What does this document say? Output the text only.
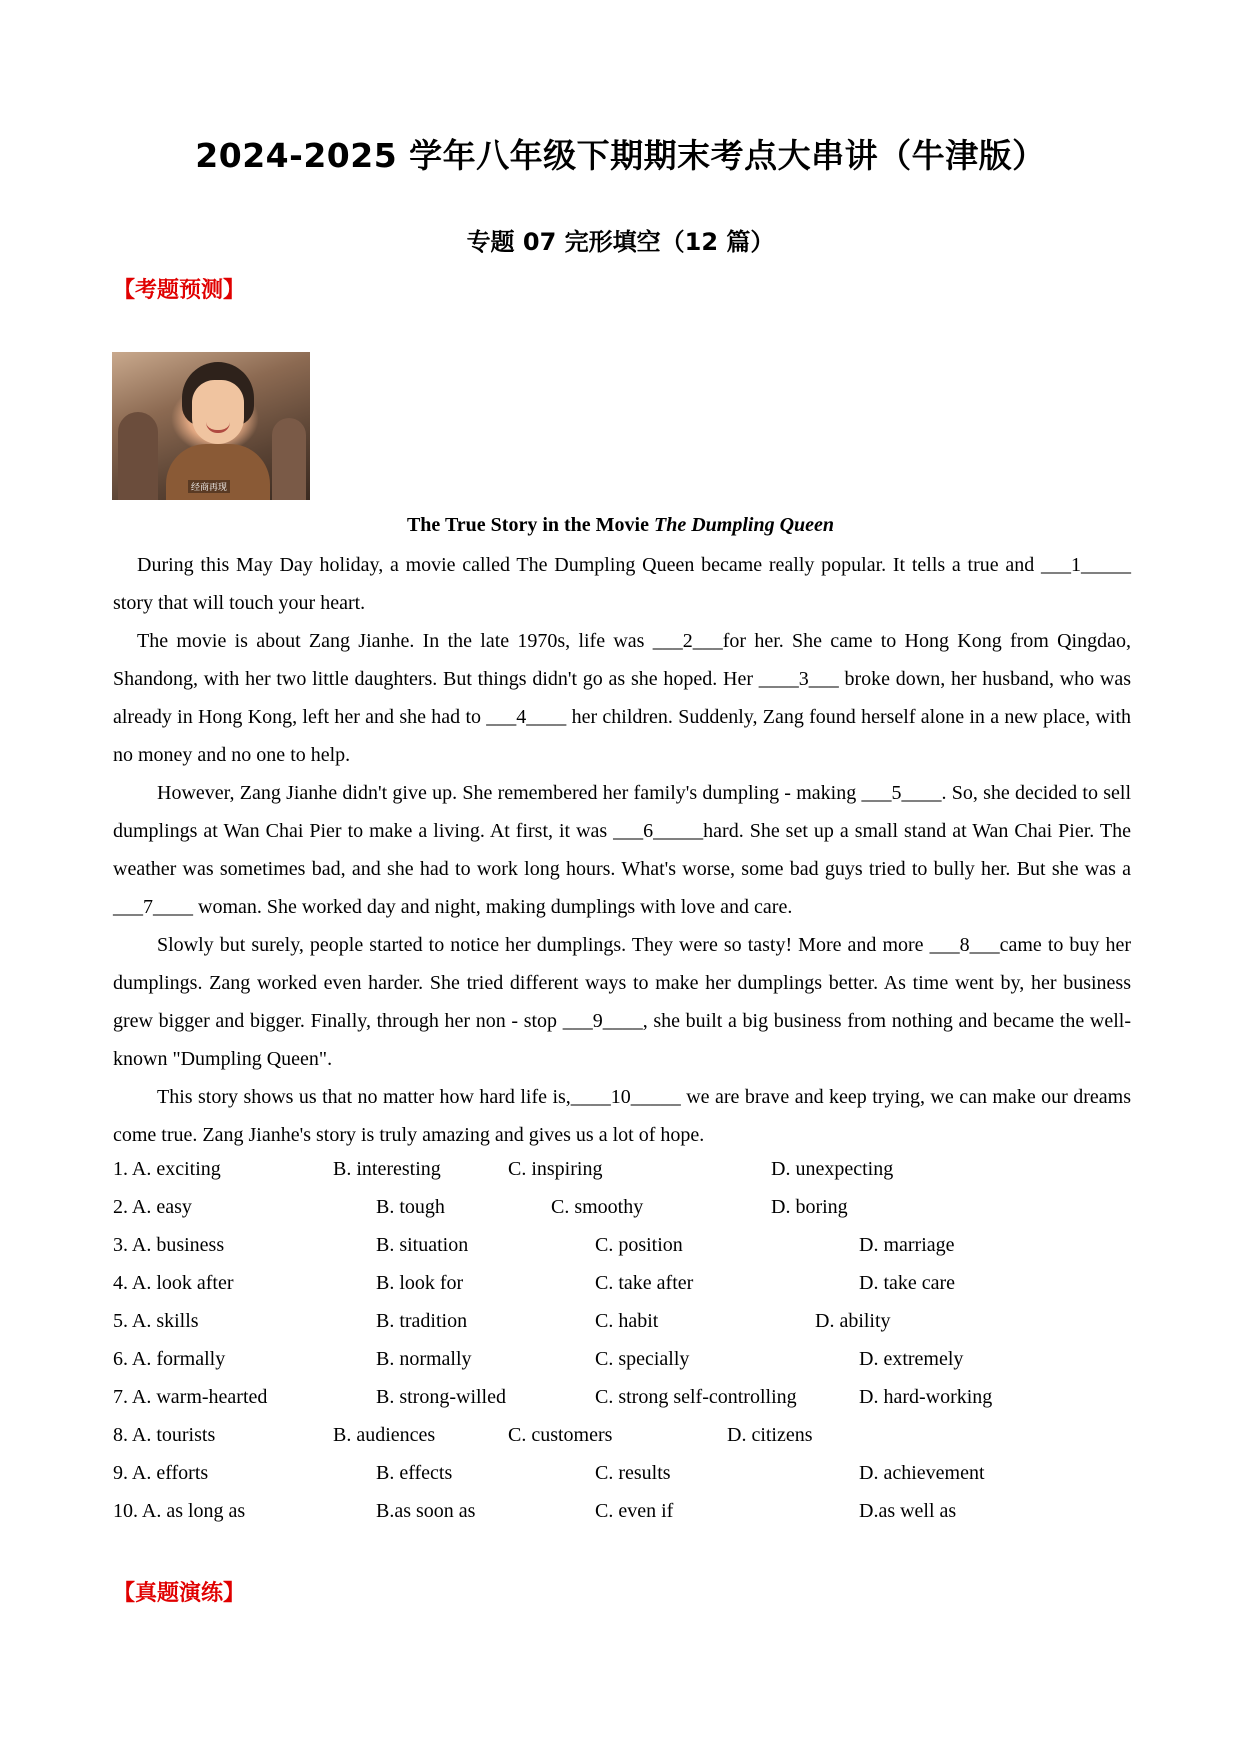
2024-2025 学年八年级下期期末考点大串讲（牛津版）
专题 07 完形填空（12 篇）
【考题预测】
经商再现
The True Story in the Movie The Dumpling Queen

During this May Day holiday, a movie called The Dumpling Queen became really popular. It tells a true and ___1_____ story that will touch your heart.

The movie is about Zang Jianhe. In the late 1970s, life was ___2___for her. She came to Hong Kong from Qingdao, Shandong, with her two little daughters. But things didn't go as she hoped. Her ____3___ broke down, her husband, who was already in Hong Kong, left her and she had to ___4____ her children. Suddenly, Zang found herself alone in a new place, with no money and no one to help.

However, Zang Jianhe didn't give up. She remembered her family's dumpling - making ___5____. So, she decided to sell dumplings at Wan Chai Pier to make a living. At first, it was ___6_____hard. She set up a small stand at Wan Chai Pier. The weather was sometimes bad, and she had to work long hours. What's worse, some bad guys tried to bully her. But she was a ___7____ woman. She worked day and night, making dumplings with love and care.

Slowly but surely, people started to notice her dumplings. They were so tasty! More and more ___8___came to buy her dumplings. Zang worked even harder. She tried different ways to make her dumplings better. As time went by, her business grew bigger and bigger. Finally, through her non - stop ___9____, she built a big business from nothing and became the well-known "Dumpling Queen".

This story shows us that no matter how hard life is,____10_____ we are brave and keep trying, we can make our dreams come true. Zang Jianhe's story is truly amazing and gives us a lot of hope.

1. A. exciting	B. interesting	C. inspiring	D. unexpecting
2. A. easy	B. tough	C. smoothy	D. boring
3. A. business	B. situation	C. position	D. marriage
4. A. look after	B. look for	C. take after	D. take care
5. A. skills	B. tradition	C. habit	D. ability
6. A. formally	B. normally	C. specially	D. extremely
7. A. warm-hearted	B. strong-willed	C. strong self-controlling	D. hard-working
8. A. tourists	B. audiences	C. customers	D. citizens
9. A. efforts	B. effects	C. results	D. achievement
10. A. as long as	B.as soon as	C. even if	D.as well as
【真题演练】
